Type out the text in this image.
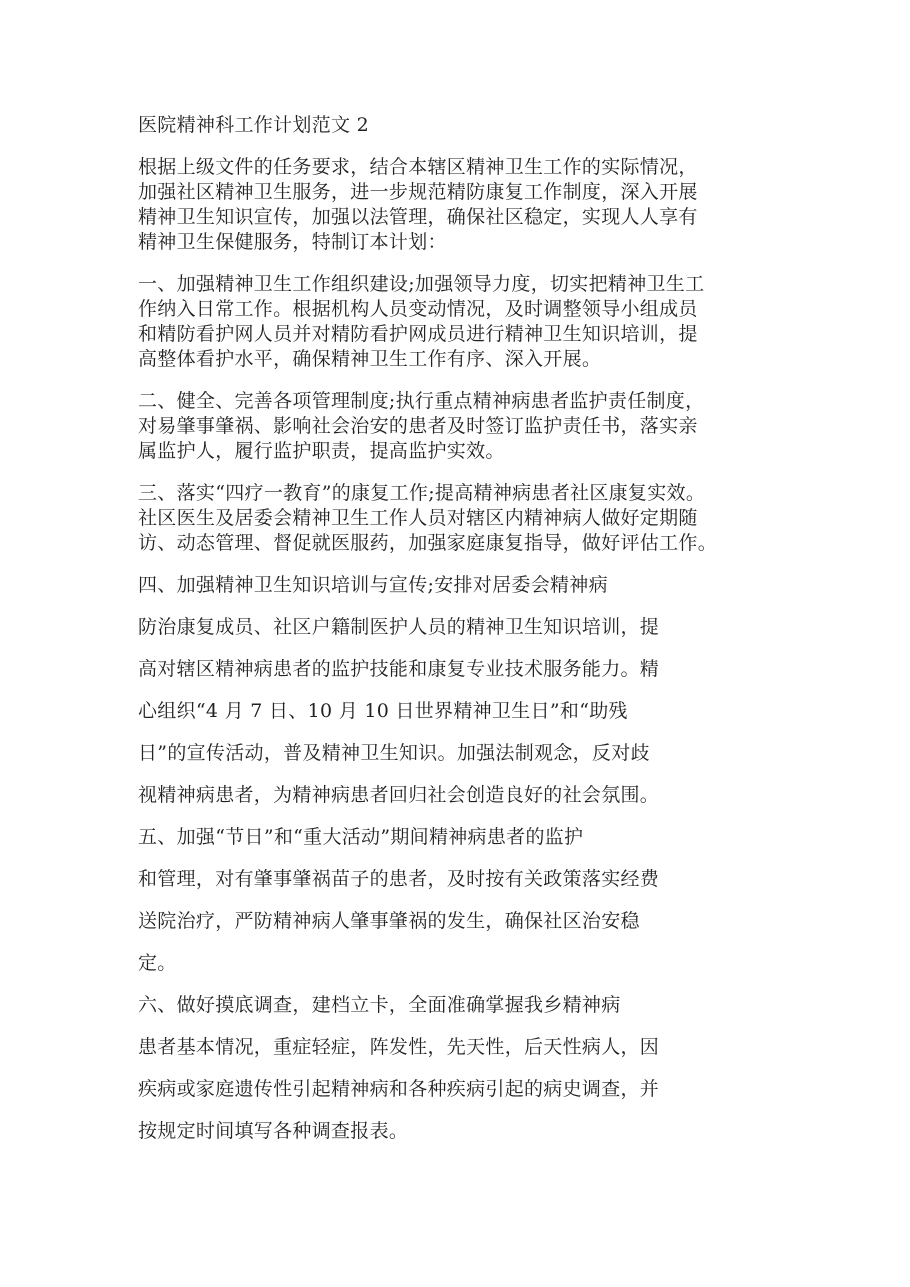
医院精神科工作计划范文 2
根据上级文件的任务要求，结合本辖区精神卫生工作的实际情况，
加强社区精神卫生服务，进一步规范精防康复工作制度，深入开展
精神卫生知识宣传，加强以法管理，确保社区稳定，实现人人享有
精神卫生保健服务，特制订本计划：
一、加强精神卫生工作组织建设;加强领导力度，切实把精神卫生工
作纳入日常工作。根据机构人员变动情况，及时调整领导小组成员
和精防看护网人员并对精防看护网成员进行精神卫生知识培训，提
高整体看护水平，确保精神卫生工作有序、深入开展。
二、健全、完善各项管理制度;执行重点精神病患者监护责任制度，
对易肇事肇祸、影响社会治安的患者及时签订监护责任书，落实亲
属监护人，履行监护职责，提高监护实效。
三、落实“四疗一教育”的康复工作;提高精神病患者社区康复实效。
社区医生及居委会精神卫生工作人员对辖区内精神病人做好定期随
访、动态管理、督促就医服药，加强家庭康复指导，做好评估工作。
四、加强精神卫生知识培训与宣传;安排对居委会精神病
防治康复成员、社区户籍制医护人员的精神卫生知识培训，提
高对辖区精神病患者的监护技能和康复专业技术服务能力。精
心组织“4 月 7 日、10 月 10 日世界精神卫生日”和“助残
日”的宣传活动，普及精神卫生知识。加强法制观念，反对歧
视精神病患者，为精神病患者回归社会创造良好的社会氛围。
五、加强“节日”和“重大活动”期间精神病患者的监护
和管理，对有肇事肇祸苗子的患者，及时按有关政策落实经费
送院治疗，严防精神病人肇事肇祸的发生，确保社区治安稳
定。
六、做好摸底调查，建档立卡，全面准确掌握我乡精神病
患者基本情况，重症轻症，阵发性，先天性，后天性病人，因
疾病或家庭遗传性引起精神病和各种疾病引起的病史调查，并
按规定时间填写各种调查报表。
